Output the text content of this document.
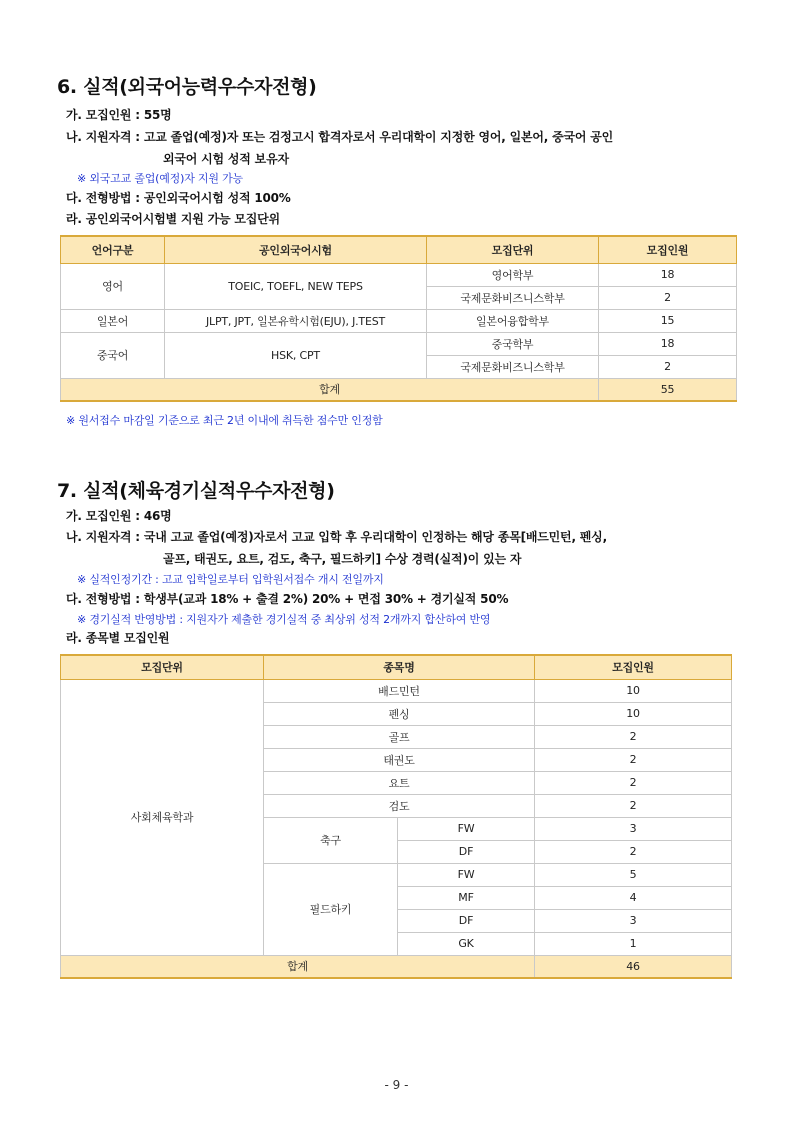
6. 실적(외국어능력우수자전형)
가. 모집인원 : 55명
나. 지원자격 : 고교 졸업(예정)자 또는 검정고시 합격자로서 우리대학이 지정한 영어, 일본어, 중국어 공인
외국어 시험 성적 보유자
※ 외국고교 졸업(예정)자 지원 가능
다. 전형방법 : 공인외국어시험 성적 100%
라. 공인외국어시험별 지원 가능 모집단위
언어구분	공인외국어시험	모집단위	모집인원
영어	TOEIC, TOEFL, NEW TEPS	영어학부	18
		국제문화비즈니스학부	2
일본어	JLPT, JPT, 일본유학시험(EJU), J.TEST	일본어융합학부	15
중국어	HSK, CPT	중국학부	18
		국제문화비즈니스학부	2
합계			55
※ 원서접수 마감일 기준으로 최근 2년 이내에 취득한 점수만 인정함
7. 실적(체육경기실적우수자전형)
가. 모집인원 : 46명
나. 지원자격 : 국내 고교 졸업(예정)자로서 고교 입학 후 우리대학이 인정하는 해당 종목[배드민턴, 펜싱,
골프, 태권도, 요트, 검도, 축구, 필드하키] 수상 경력(실적)이 있는 자
※ 실적인정기간 : 고교 입학일로부터 입학원서접수 개시 전일까지
다. 전형방법 : 학생부(교과 18% + 출결 2%) 20% + 면접 30% + 경기실적 50%
※ 경기실적 반영방법 : 지원자가 제출한 경기실적 중 최상위 성적 2개까지 합산하여 반영
라. 종목별 모집인원
모집단위	종목명		모집인원
사회체육학과	배드민턴		10
	펜싱		10
	골프		2
	태권도		2
	요트		2
	검도		2
	축구	FW	3
		DF	2
	필드하키	FW	5
		MF	4
		DF	3
		GK	1
합계			46
- 9 -
